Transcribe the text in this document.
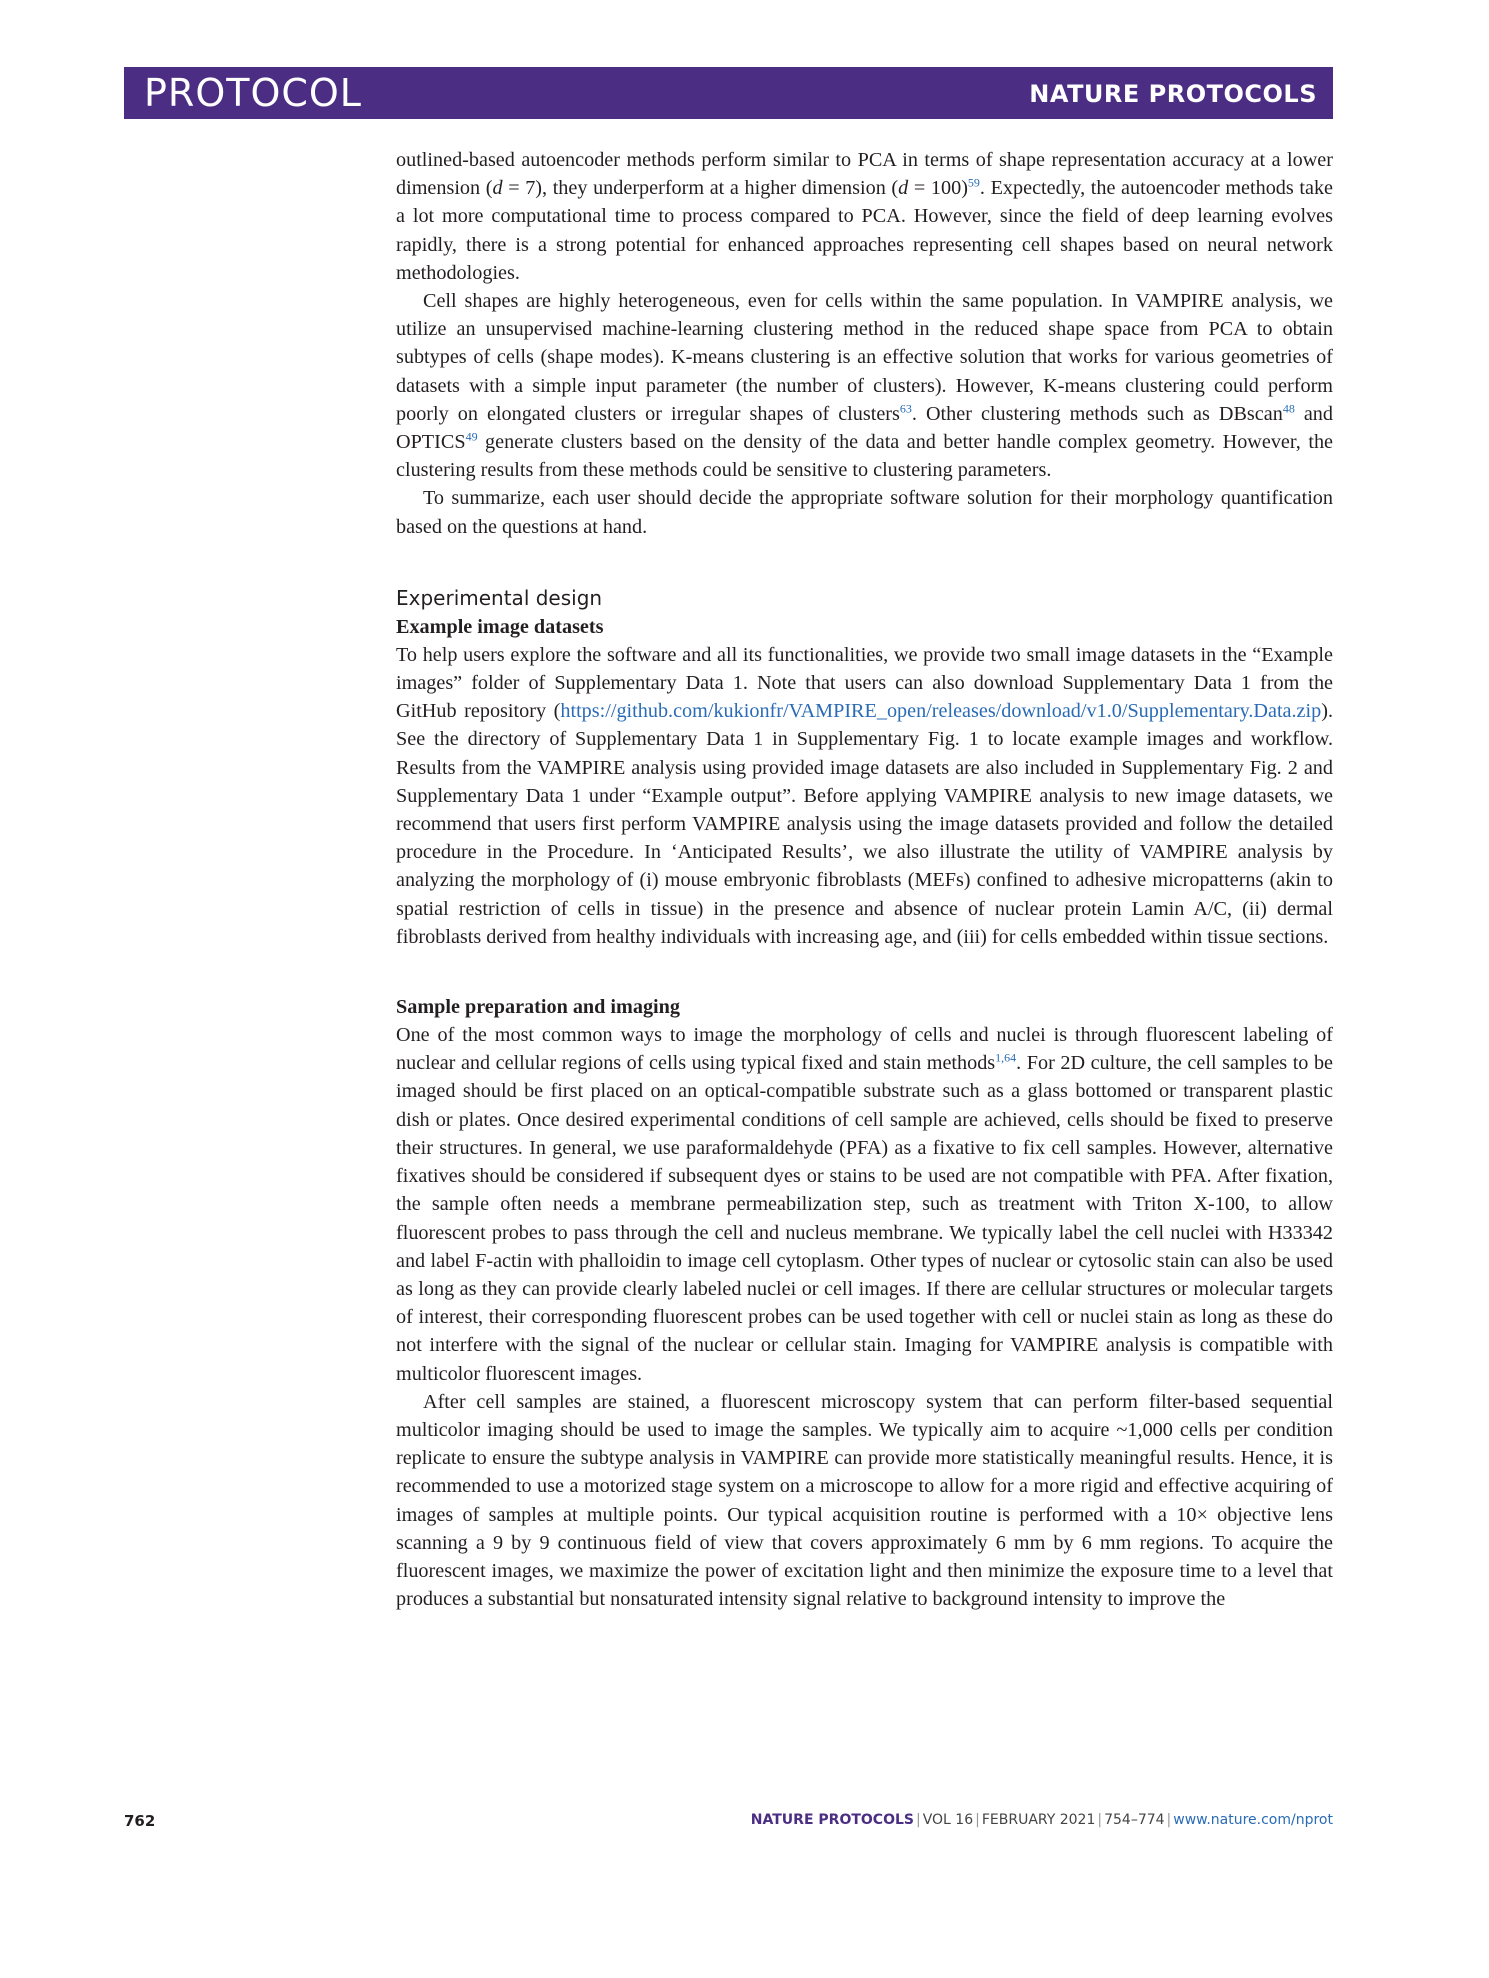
PROTOCOL	NATURE PROTOCOLS

outlined-based autoencoder methods perform similar to PCA in terms of shape representation accuracy at a lower dimension (d = 7), they underperform at a higher dimension (d = 100)$^{59}$. Expectedly, the autoencoder methods take a lot more computational time to process compared to PCA. However, since the field of deep learning evolves rapidly, there is a strong potential for enhanced approaches representing cell shapes based on neural network methodologies.

Cell shapes are highly heterogeneous, even for cells within the same population. In VAMPIRE analysis, we utilize an unsupervised machine-learning clustering method in the reduced shape space from PCA to obtain subtypes of cells (shape modes). K-means clustering is an effective solution that works for various geometries of datasets with a simple input parameter (the number of clusters). However, K-means clustering could perform poorly on elongated clusters or irregular shapes of clusters$^{63}$. Other clustering methods such as DBscan$^{48}$ and OPTICS$^{49}$ generate clusters based on the density of the data and better handle complex geometry. However, the clustering results from these methods could be sensitive to clustering parameters.

To summarize, each user should decide the appropriate software solution for their morphology quantification based on the questions at hand.

Experimental design
Example image datasets

To help users explore the software and all its functionalities, we provide two small image datasets in the “Example images” folder of Supplementary Data 1. Note that users can also download Supplementary Data 1 from the GitHub repository (https://github.com/kukionfr/VAMPIRE_open/releases/download/v1.0/Supplementary.Data.zip). See the directory of Supplementary Data 1 in Supplementary Fig. 1 to locate example images and workflow. Results from the VAMPIRE analysis using provided image datasets are also included in Supplementary Fig. 2 and Supplementary Data 1 under “Example output”. Before applying VAMPIRE analysis to new image datasets, we recommend that users first perform VAMPIRE analysis using the image datasets provided and follow the detailed procedure in the Procedure. In ‘Anticipated Results’, we also illustrate the utility of VAMPIRE analysis by analyzing the morphology of (i) mouse embryonic fibroblasts (MEFs) confined to adhesive micropatterns (akin to spatial restriction of cells in tissue) in the presence and absence of nuclear protein Lamin A/C, (ii) dermal fibroblasts derived from healthy individuals with increasing age, and (iii) for cells embedded within tissue sections.

Sample preparation and imaging

One of the most common ways to image the morphology of cells and nuclei is through fluorescent labeling of nuclear and cellular regions of cells using typical fixed and stain methods$^{1,64}$. For 2D culture, the cell samples to be imaged should be first placed on an optical-compatible substrate such as a glass bottomed or transparent plastic dish or plates. Once desired experimental conditions of cell sample are achieved, cells should be fixed to preserve their structures. In general, we use paraformaldehyde (PFA) as a fixative to fix cell samples. However, alternative fixatives should be considered if subsequent dyes or stains to be used are not compatible with PFA. After fixation, the sample often needs a membrane permeabilization step, such as treatment with Triton X-100, to allow fluorescent probes to pass through the cell and nucleus membrane. We typically label the cell nuclei with H33342 and label F-actin with phalloidin to image cell cytoplasm. Other types of nuclear or cytosolic stain can also be used as long as they can provide clearly labeled nuclei or cell images. If there are cellular structures or molecular targets of interest, their corresponding fluorescent probes can be used together with cell or nuclei stain as long as these do not interfere with the signal of the nuclear or cellular stain. Imaging for VAMPIRE analysis is compatible with multicolor fluorescent images.

After cell samples are stained, a fluorescent microscopy system that can perform filter-based sequential multicolor imaging should be used to image the samples. We typically aim to acquire ~1,000 cells per condition replicate to ensure the subtype analysis in VAMPIRE can provide more statistically meaningful results. Hence, it is recommended to use a motorized stage system on a microscope to allow for a more rigid and effective acquiring of images of samples at multiple points. Our typical acquisition routine is performed with a 10× objective lens scanning a 9 by 9 continuous field of view that covers approximately 6 mm by 6 mm regions. To acquire the fluorescent images, we maximize the power of excitation light and then minimize the exposure time to a level that produces a substantial but nonsaturated intensity signal relative to background intensity to improve the

762	NATURE PROTOCOLS | VOL 16 | FEBRUARY 2021 | 754–774 | www.nature.com/nprot
